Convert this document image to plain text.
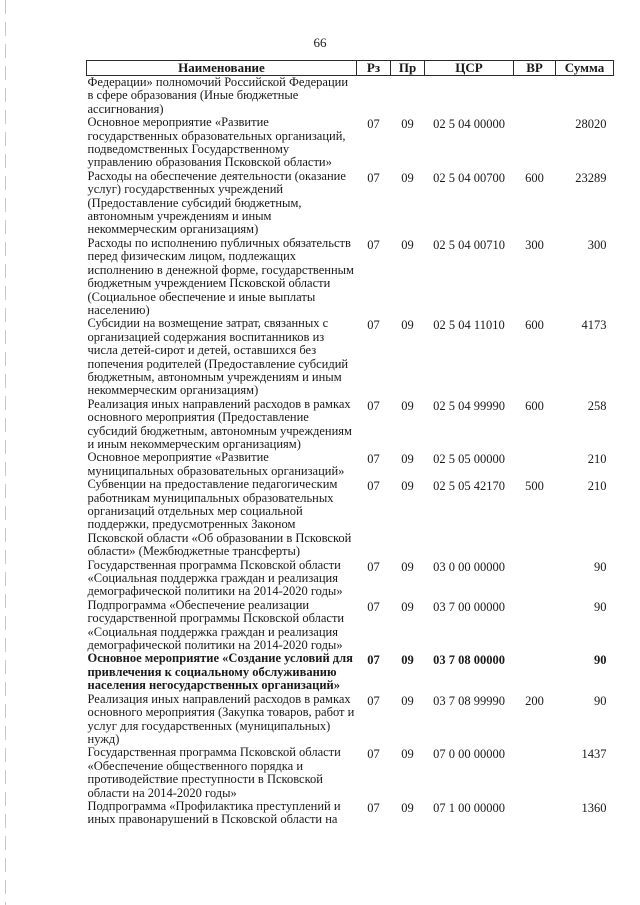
66
Наименование	Рз	Пр	ЦСР	ВР	Сумма
Федерации» полномочий Российской Федерации в сфере образования (Иные бюджетные ассигнования)					
Основное мероприятие «Развитие государственных образовательных организаций, подведомственных Государственному управлению образования Псковской области»	07	09	02 5 04 00000		28020
Расходы на обеспечение деятельности (оказание услуг) государственных учреждений (Предоставление субсидий бюджетным, автономным учреждениям и иным некоммерческим организациям)	07	09	02 5 04 00700	600	23289
Расходы по исполнению публичных обязательств перед физическим лицом, подлежащих исполнению в денежной форме, государственным бюджетным учреждением Псковской области (Социальное обеспечение и иные выплаты населению)	07	09	02 5 04 00710	300	300
Субсидии на возмещение затрат, связанных с организацией содержания воспитанников из числа детей-сирот и детей, оставшихся без попечения родителей (Предоставление субсидий бюджетным, автономным учреждениям и иным некоммерческим организациям)	07	09	02 5 04 11010	600	4173
Реализация иных направлений расходов в рамках основного мероприятия (Предоставление субсидий бюджетным, автономным учреждениям и иным некоммерческим организациям)	07	09	02 5 04 99990	600	258
Основное мероприятие «Развитие муниципальных образовательных организаций»	07	09	02 5 05 00000		210
Субвенции на предоставление педагогическим работникам муниципальных образовательных организаций отдельных мер социальной поддержки, предусмотренных Законом Псковской области «Об образовании в Псковской области» (Межбюджетные трансферты)	07	09	02 5 05 42170	500	210
Государственная программа Псковской области «Социальная поддержка граждан и реализация демографической политики на 2014-2020 годы»	07	09	03 0 00 00000		90
Подпрограмма «Обеспечение реализации государственной программы Псковской области «Социальная поддержка граждан и реализация демографической политики на 2014-2020 годы»	07	09	03 7 00 00000		90
Основное мероприятие «Создание условий для привлечения к социальному обслуживанию населения негосударственных организаций»	07	09	03 7 08 00000		90
Реализация иных направлений расходов в рамках основного мероприятия (Закупка товаров, работ и услуг для государственных (муниципальных) нужд)	07	09	03 7 08 99990	200	90
Государственная программа Псковской области «Обеспечение общественного порядка и противодействие преступности в Псковской области на 2014-2020 годы»	07	09	07 0 00 00000		1437
Подпрограмма «Профилактика преступлений и иных правонарушений в Псковской области на	07	09	07 1 00 00000		1360
